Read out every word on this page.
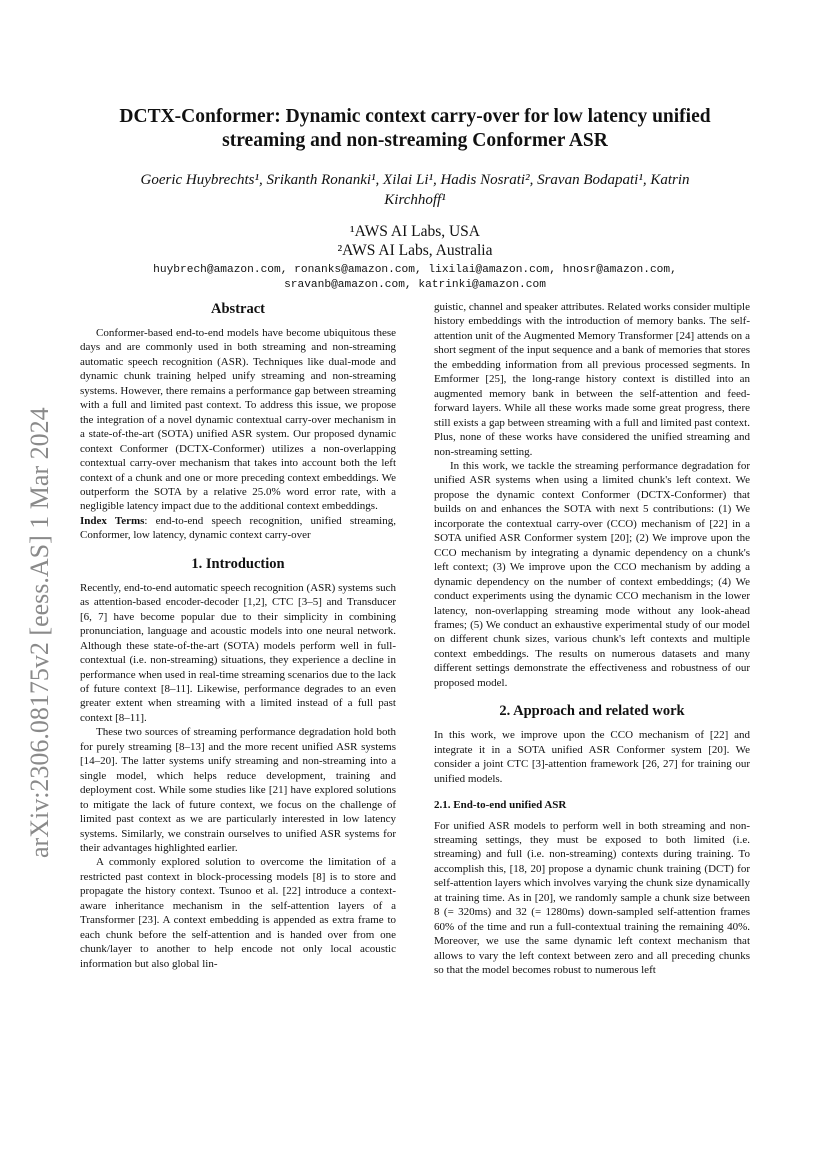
arXiv:2306.08175v2 [eess.AS] 1 Mar 2024
DCTX-Conformer: Dynamic context carry-over for low latency unified
streaming and non-streaming Conformer ASR
Goeric Huybrechts¹, Srikanth Ronanki¹, Xilai Li¹, Hadis Nosrati², Sravan Bodapati¹, Katrin
Kirchhoff¹
¹AWS AI Labs, USA
²AWS AI Labs, Australia
huybrech@amazon.com, ronanks@amazon.com, lixilai@amazon.com, hnosr@amazon.com,
sravanb@amazon.com, katrinki@amazon.com
Abstract

Conformer-based end-to-end models have become ubiquitous these days and are commonly used in both streaming and non-streaming automatic speech recognition (ASR). Techniques like dual-mode and dynamic chunk training helped unify streaming and non-streaming systems. However, there remains a performance gap between streaming with a full and limited past context. To address this issue, we propose the integration of a novel dynamic contextual carry-over mechanism in a state-of-the-art (SOTA) unified ASR system. Our proposed dynamic context Conformer (DCTX-Conformer) utilizes a non-overlapping contextual carry-over mechanism that takes into account both the left context of a chunk and one or more preceding context embeddings. We outperform the SOTA by a relative 25.0% word error rate, with a negligible latency impact due to the additional context embeddings.

Index Terms: end-to-end speech recognition, unified streaming, Conformer, low latency, dynamic context carry-over

1. Introduction

Recently, end-to-end automatic speech recognition (ASR) systems such as attention-based encoder-decoder [1,2], CTC [3–5] and Transducer [6, 7] have become popular due to their simplicity in combining pronunciation, language and acoustic models into one neural network. Although these state-of-the-art (SOTA) models perform well in full-contextual (i.e. non-streaming) situations, they experience a decline in performance when used in real-time streaming scenarios due to the lack of future context [8–11]. Likewise, performance degrades to an even greater extent when streaming with a limited instead of a full past context [8–11].

These two sources of streaming performance degradation hold both for purely streaming [8–13] and the more recent unified ASR systems [14–20]. The latter systems unify streaming and non-streaming into a single model, which helps reduce development, training and deployment cost. While some studies like [21] have explored solutions to mitigate the lack of future context, we focus on the challenge of limited past context as we are particularly interested in low latency systems. Similarly, we constrain ourselves to unified ASR systems for their advantages highlighted earlier.

A commonly explored solution to overcome the limitation of a restricted past context in block-processing models [8] is to store and propagate the history context. Tsunoo et al. [22] introduce a context-aware inheritance mechanism in the self-attention layers of a Transformer [23]. A context embedding is appended as extra frame to each chunk before the self-attention and is handed over from one chunk/layer to another to help encode not only local acoustic information but also global lin-

guistic, channel and speaker attributes. Related works consider multiple history embeddings with the introduction of memory banks. The self-attention unit of the Augmented Memory Transformer [24] attends on a short segment of the input sequence and a bank of memories that stores the embedding information from all previous processed segments. In Emformer [25], the long-range history context is distilled into an augmented memory bank in between the self-attention and feed-forward layers. While all these works made some great progress, there still exists a gap between streaming with a full and limited past context. Plus, none of these works have considered the unified streaming and non-streaming setting.

In this work, we tackle the streaming performance degradation for unified ASR systems when using a limited chunk's left context. We propose the dynamic context Conformer (DCTX-Conformer) that builds on and enhances the SOTA with next 5 contributions: (1) We incorporate the contextual carry-over (CCO) mechanism of [22] in a SOTA unified ASR Conformer system [20]; (2) We improve upon the CCO mechanism by integrating a dynamic dependency on a chunk's left context; (3) We improve upon the CCO mechanism by adding a dynamic dependency on the number of context embeddings; (4) We conduct experiments using the dynamic CCO mechanism in the lower latency, non-overlapping streaming mode without any look-ahead frames; (5) We conduct an exhaustive experimental study of our model on different chunk sizes, various chunk's left contexts and multiple context embeddings. The results on numerous datasets and many different settings demonstrate the effectiveness and robustness of our proposed model.

2. Approach and related work

In this work, we improve upon the CCO mechanism of [22] and integrate it in a SOTA unified ASR Conformer system [20]. We consider a joint CTC [3]-attention framework [26, 27] for training our unified models.

2.1. End-to-end unified ASR

For unified ASR models to perform well in both streaming and non-streaming settings, they must be exposed to both limited (i.e. streaming) and full (i.e. non-streaming) contexts during training. To accomplish this, [18, 20] propose a dynamic chunk training (DCT) for self-attention layers which involves varying the chunk size dynamically at training time. As in [20], we randomly sample a chunk size between 8 (= 320ms) and 32 (= 1280ms) down-sampled self-attention frames 60% of the time and run a full-contextual training the remaining 40%. Moreover, we use the same dynamic left context mechanism that allows to vary the left context between zero and all preceding chunks so that the model becomes robust to numerous left
